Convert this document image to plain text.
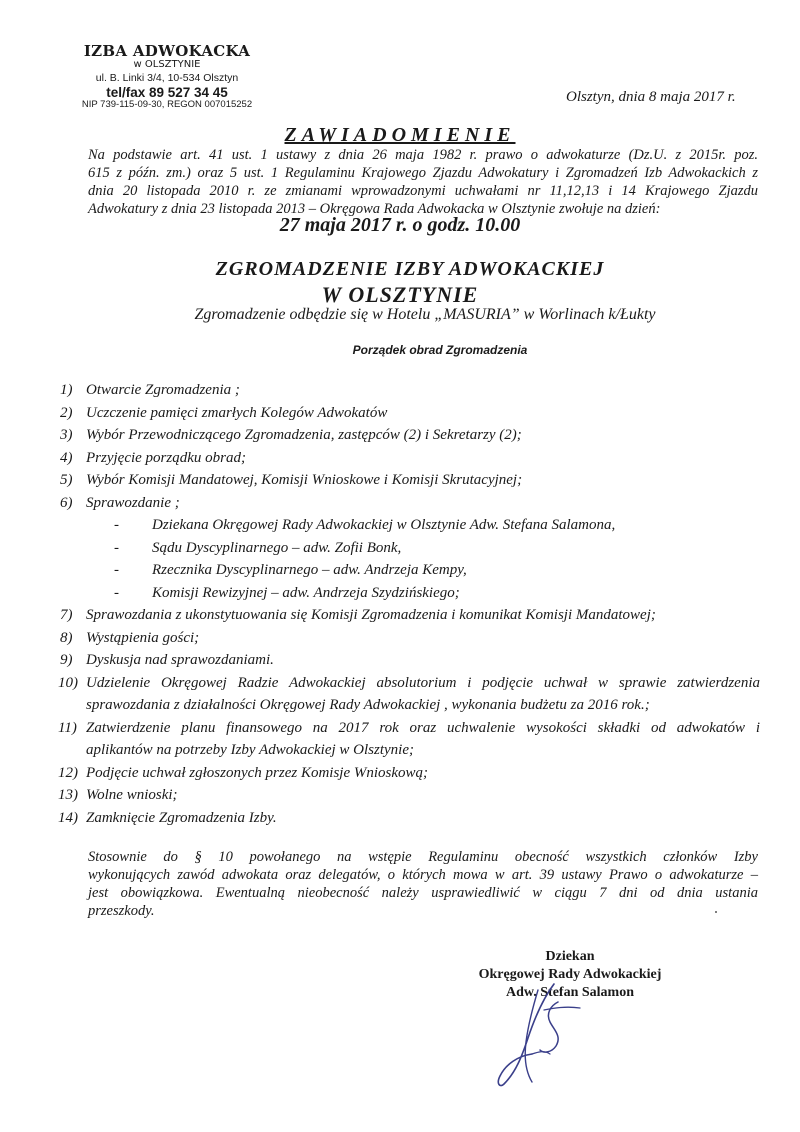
IZBA ADWOKACKA
w OLSZTYNIE
ul. B. Linki 3/4, 10-534 Olsztyn
tel/fax 89 527 34 45
NIP 739-115-09-30, REGON 007015252	Olsztyn, dnia 8 maja 2017 r.
ZAWIADOMIENIE
Na podstawie art. 41 ust. 1 ustawy z dnia 26 maja 1982 r. prawo o adwokaturze (Dz.U. z 2015r. poz.
615 z późn. zm.) oraz 5 ust. 1 Regulaminu Krajowego Zjazdu Adwokatury i Zgromadzeń Izb Adwokackich z
dnia 20 listopada 2010 r. ze zmianami wprowadzonymi uchwałami nr 11,12,13 i 14 Krajowego Zjazdu
Adwokatury z dnia 23 listopada 2013 – Okręgowa Rada Adwokacka w Olsztynie zwołuje na dzień:
27 maja 2017 r. o godz. 10.00
ZGROMADZENIE IZBY ADWOKACKIEJ
W OLSZTYNIE
Zgromadzenie odbędzie się w Hotelu „MASURIA” w Worlinach k/Łukty
Porządek obrad Zgromadzenia
1) Otwarcie Zgromadzenia ;
2) Uczczenie pamięci zmarłych Kolegów Adwokatów
3) Wybór Przewodniczącego Zgromadzenia, zastępców (2) i Sekretarzy (2);
4) Przyjęcie porządku obrad;
5) Wybór Komisji Mandatowej, Komisji Wnioskowe i Komisji Skrutacyjnej;
6) Sprawozdanie ;
- Dziekana Okręgowej Rady Adwokackiej w Olsztynie Adw. Stefana Salamona,
- Sądu Dyscyplinarnego – adw. Zofii Bonk,
- Rzecznika Dyscyplinarnego – adw. Andrzeja Kempy,
- Komisji Rewizyjnej – adw. Andrzeja Szydzińskiego;
7) Sprawozdania z ukonstytuowania się Komisji Zgromadzenia i komunikat Komisji Mandatowej;
8) Wystąpienia gości;
9) Dyskusja nad sprawozdaniami.
10) Udzielenie Okręgowej Radzie Adwokackiej absolutorium i podjęcie uchwał w sprawie zatwierdzenia
sprawozdania z działalności Okręgowej Rady Adwokackiej , wykonania budżetu za 2016 rok.;
11) Zatwierdzenie planu finansowego na 2017 rok oraz uchwalenie wysokości składki od adwokatów i
aplikantów na potrzeby Izby Adwokackiej w Olsztynie;
12) Podjęcie uchwał zgłoszonych przez Komisje Wnioskową;
13) Wolne wnioski;
14) Zamknięcie Zgromadzenia Izby.
Stosownie do § 10 powołanego na wstępie Regulaminu obecność wszystkich członków Izby
wykonujących zawód adwokata oraz delegatów, o których mowa w art. 39 ustawy Prawo o adwokaturze –
jest obowiązkowa. Ewentualną nieobecność należy usprawiedliwić w ciągu 7 dni od dnia ustania
przeszkody.
Dziekan
Okręgowej Rady Adwokackiej
Adw. Stefan Salamon
